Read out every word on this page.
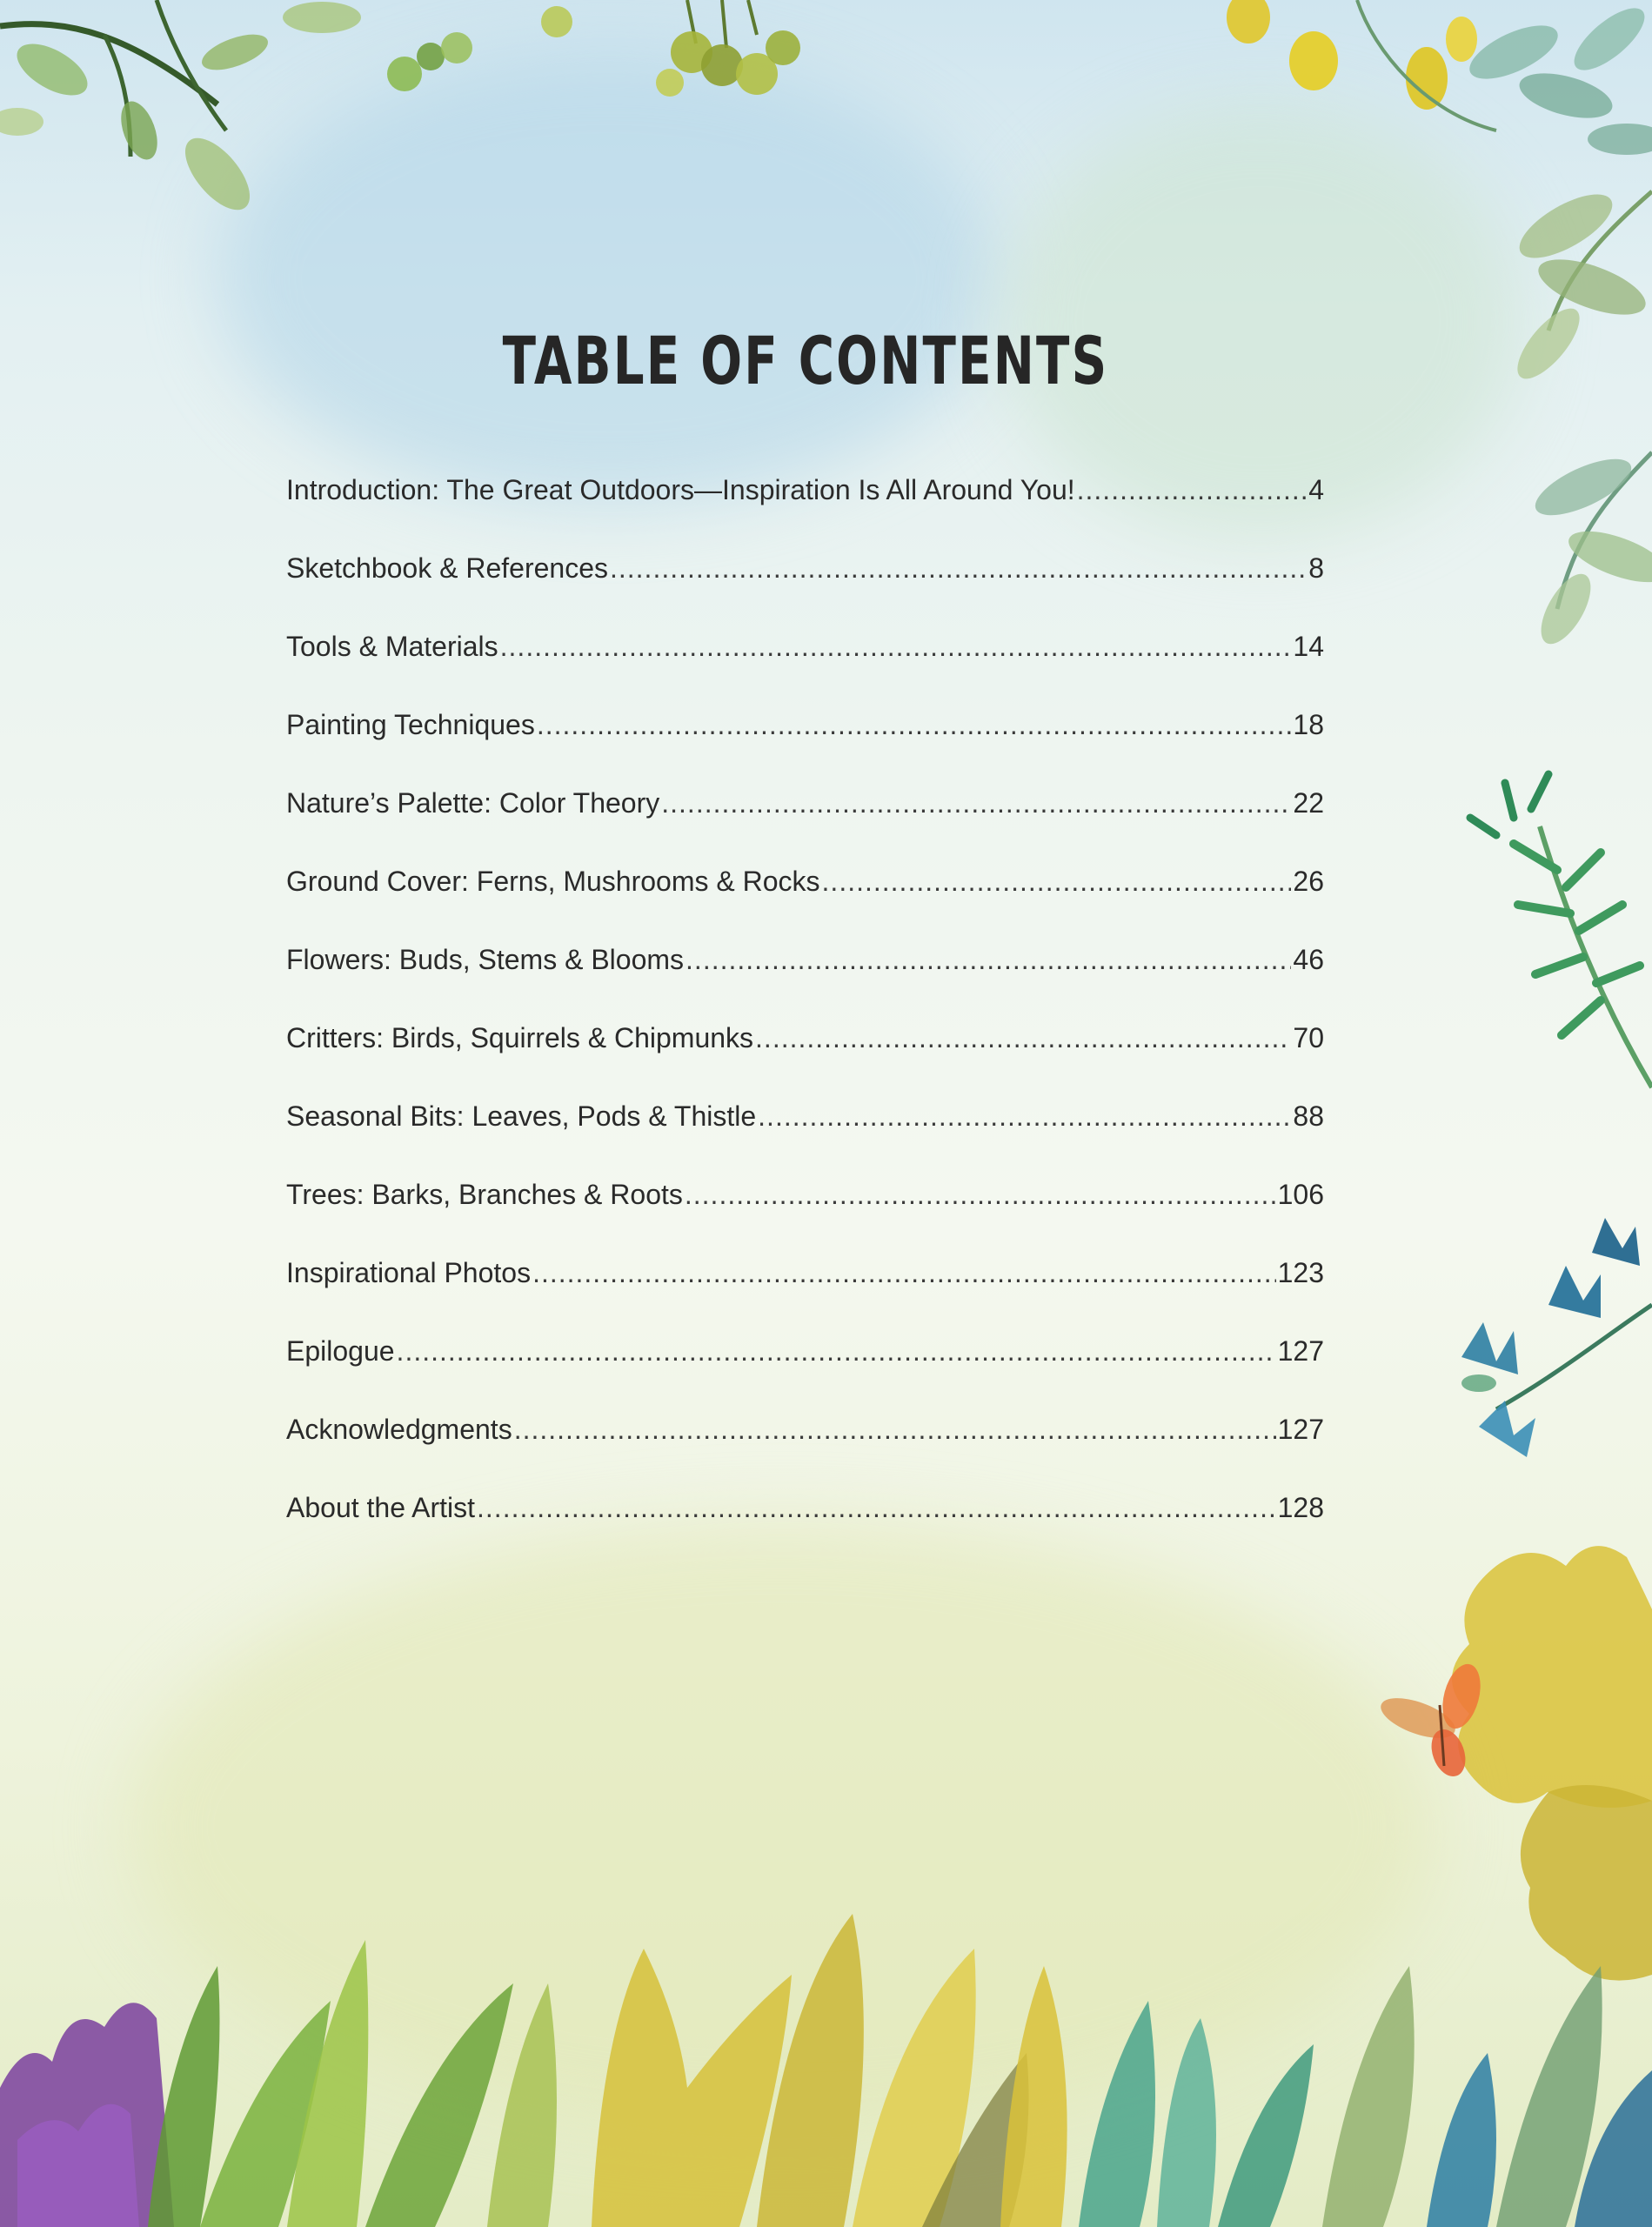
TABLE OF CONTENTS
Introduction: The Great Outdoors—Inspiration Is All Around You! .....	4
Sketchbook & References .....	8
Tools & Materials .....	14
Painting Techniques .....	18
Nature’s Palette: Color Theory .....	22
Ground Cover: Ferns, Mushrooms & Rocks .....	26
Flowers: Buds, Stems & Blooms .....	46
Critters: Birds, Squirrels & Chipmunks .....	70
Seasonal Bits: Leaves, Pods & Thistle .....	88
Trees: Barks, Branches & Roots .....	106
Inspirational Photos .....	123
Epilogue .....	127
Acknowledgments .....	127
About the Artist .....	128
